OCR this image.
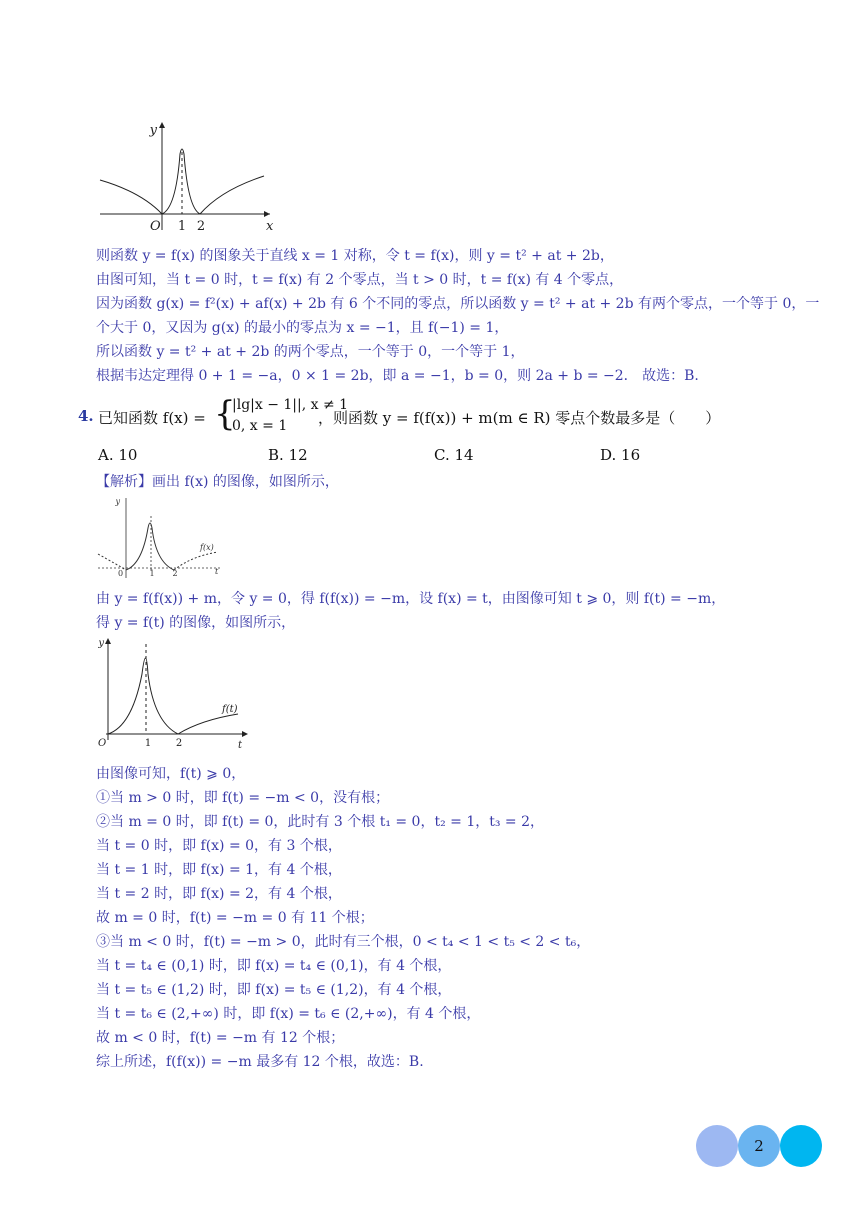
y
x
O 1 2
则函数 y = f(x) 的图象关于直线 x = 1 对称，令 t = f(x)，则 y = t² + at + 2b，
由图可知，当 t = 0 时，t = f(x) 有 2 个零点，当 t > 0 时，t = f(x) 有 4 个零点，
因为函数 g(x) = f²(x) + af(x) + 2b 有 6 个不同的零点，所以函数 y = t² + at + 2b 有两个零点，一个等于 0，一
个大于 0，又因为 g(x) 的最小的零点为 x = −1，且 f(−1) = 1，
所以函数 y = t² + at + 2b 的两个零点，一个等于 0，一个等于 1，
根据韦达定理得 0 + 1 = −a，0 × 1 = 2b，即 a = −1，b = 0，则 2a + b = −2． 故选：B.
4. 已知函数 f(x) = {
|lg|x − 1||, x ≠ 1
0, x = 1 ，则函数 y = f(f(x)) + m(m ∈ R) 零点个数最多是（　　）
A. 10	B. 12	C. 14	D. 16
【解析】画出 f(x) 的图像，如图所示，
y
0	1 2
f(x)
t
由 y = f(f(x)) + m，令 y = 0，得 f(f(x)) = −m，设 f(x) = t，由图像可知 t ⩾ 0，则 f(t) = −m，
得 y = f(t) 的图像，如图所示，
y
O	1 2
f(t)
t
由图像可知，f(t) ⩾ 0，
①当 m > 0 时，即 f(t) = −m < 0，没有根；
②当 m = 0 时，即 f(t) = 0，此时有 3 个根 t₁ = 0，t₂ = 1，t₃ = 2，
当 t = 0 时，即 f(x) = 0，有 3 个根，
当 t = 1 时，即 f(x) = 1，有 4 个根，
当 t = 2 时，即 f(x) = 2，有 4 个根，
故 m = 0 时，f(t) = −m = 0 有 11 个根；
③当 m < 0 时，f(t) = −m > 0，此时有三个根，0 < t₄ < 1 < t₅ < 2 < t₆，
当 t = t₄ ∈ (0,1) 时，即 f(x) = t₄ ∈ (0,1)，有 4 个根，
当 t = t₅ ∈ (1,2) 时，即 f(x) = t₅ ∈ (1,2)，有 4 个根，
当 t = t₆ ∈ (2,+∞) 时，即 f(x) = t₆ ∈ (2,+∞)，有 4 个根，
故 m < 0 时，f(t) = −m 有 12 个根；
综上所述，f(f(x)) = −m 最多有 12 个根，故选：B.
2
